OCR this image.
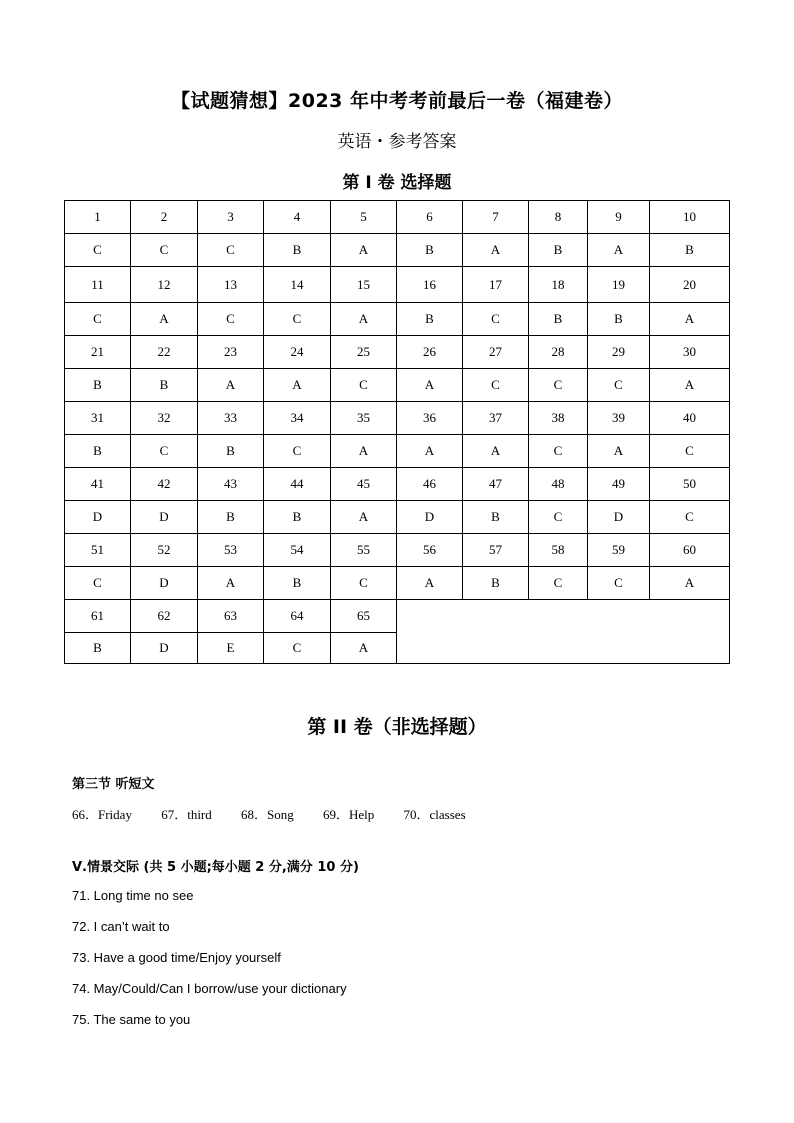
【试题猜想】2023 年中考考前最后一卷（福建卷）
英语・参考答案
第 I 卷 选择题
1	2	3	4	5	6	7	8	9	10
C	C	C	B	A	B	A	B	A	B
11	12	13	14	15	16	17	18	19	20
C	A	C	C	A	B	C	B	B	A
21	22	23	24	25	26	27	28	29	30
B	B	A	A	C	A	C	C	C	A
31	32	33	34	35	36	37	38	39	40
B	C	B	C	A	A	A	C	A	C
41	42	43	44	45	46	47	48	49	50
D	D	B	B	A	D	B	C	D	C
51	52	53	54	55	56	57	58	59	60
C	D	A	B	C	A	B	C	C	A
61	62	63	64	65					
B	D	E	C	A					
第 II 卷（非选择题）
第三节 听短文
66．Friday 67．third 68．Song 69．Help 70．classes
Ⅴ.情景交际 (共 5 小题;每小题 2 分,满分 10 分)
71. Long time no see
72. I can’t wait to
73. Have a good time/Enjoy yourself
74. May/Could/Can I borrow/use your dictionary
75. The same to you
